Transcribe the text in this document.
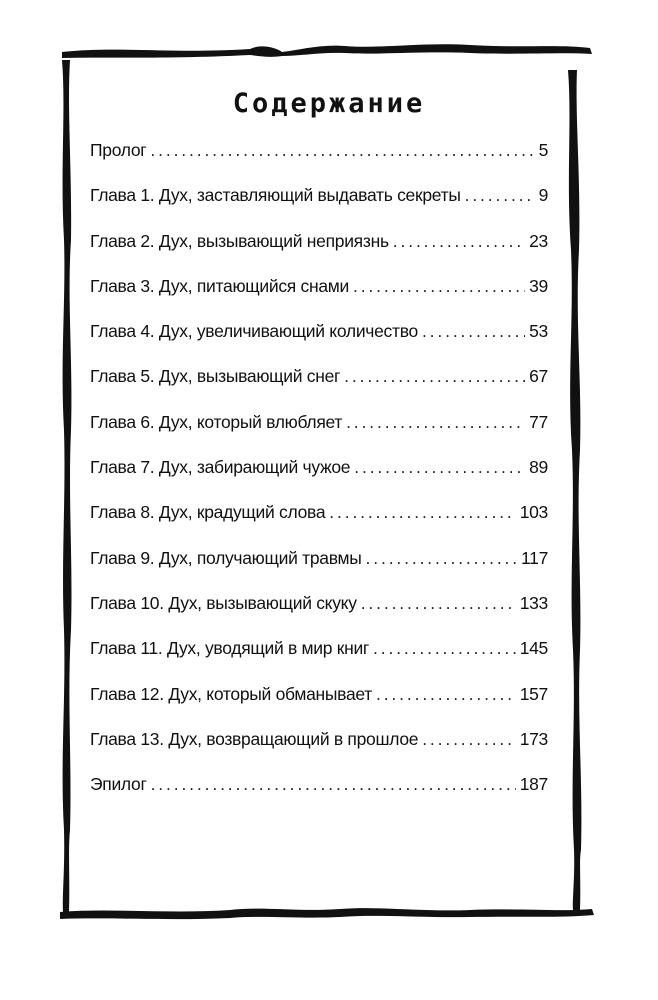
Содержание
Пролог . . .	5
Глава 1. Дух, заставляющий выдавать секреты . . .	9
Глава 2. Дух, вызывающий неприязнь . . .	23
Глава 3. Дух, питающийся снами . . .	39
Глава 4. Дух, увеличивающий количество . . .	53
Глава 5. Дух, вызывающий снег . . .	67
Глава 6. Дух, который влюбляет . . .	77
Глава 7. Дух, забирающий чужое . . .	89
Глава 8. Дух, крадущий слова . . .	103
Глава 9. Дух, получающий травмы . . .	117
Глава 10. Дух, вызывающий скуку . . .	133
Глава 11. Дух, уводящий в мир книг . . .	145
Глава 12. Дух, который обманывает . . .	157
Глава 13. Дух, возвращающий в прошлое . . .	173
Эпилог . . .	187
